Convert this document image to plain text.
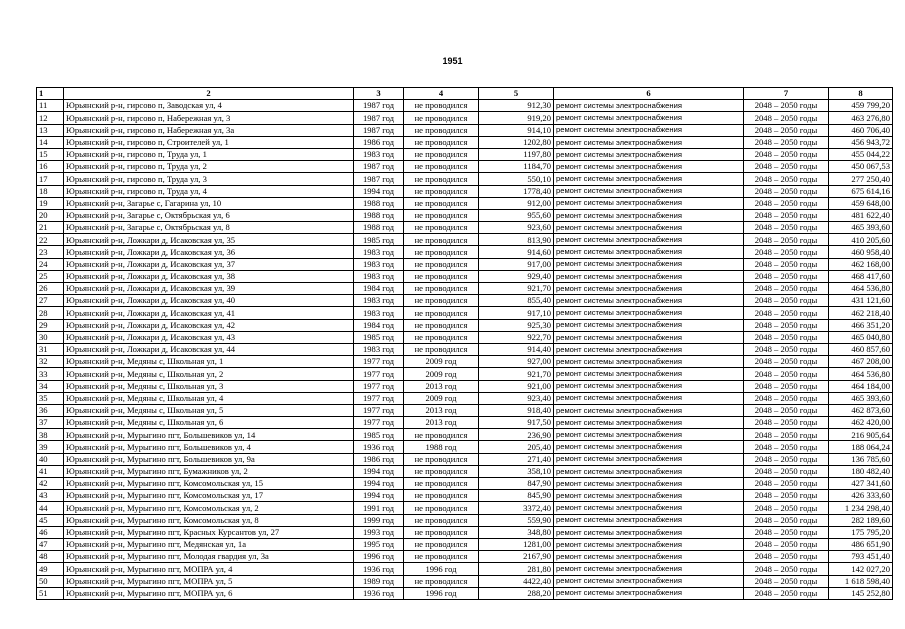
1951
1	2	3	4	5	6	7	8
11	Юрьянский р-н, гирсово п, Заводская ул, 4	1987 год	не проводился	912,30	ремонт системы электроснабжения	2048 – 2050 годы	459 799,20
12	Юрьянский р-н, гирсово п, Набережная ул, 3	1987 год	не проводился	919,20	ремонт системы электроснабжения	2048 – 2050 годы	463 276,80
13	Юрьянский р-н, гирсово п, Набережная ул, 3а	1987 год	не проводился	914,10	ремонт системы электроснабжения	2048 – 2050 годы	460 706,40
14	Юрьянский р-н, гирсово п, Строителей ул, 1	1986 год	не проводился	1202,80	ремонт системы электроснабжения	2048 – 2050 годы	456 943,72
15	Юрьянский р-н, гирсово п, Труда ул, 1	1983 год	не проводился	1197,80	ремонт системы электроснабжения	2048 – 2050 годы	455 044,22
16	Юрьянский р-н, гирсово п, Труда ул, 2	1987 год	не проводился	1184,70	ремонт системы электроснабжения	2048 – 2050 годы	450 067,53
17	Юрьянский р-н, гирсово п, Труда ул, 3	1987 год	не проводился	550,10	ремонт системы электроснабжения	2048 – 2050 годы	277 250,40
18	Юрьянский р-н, гирсово п, Труда ул, 4	1994 год	не проводился	1778,40	ремонт системы электроснабжения	2048 – 2050 годы	675 614,16
19	Юрьянский р-н, Загарье с, Гагарина ул, 10	1988 год	не проводился	912,00	ремонт системы электроснабжения	2048 – 2050 годы	459 648,00
20	Юрьянский р-н, Загарье с, Октябрьская ул, 6	1988 год	не проводился	955,60	ремонт системы электроснабжения	2048 – 2050 годы	481 622,40
21	Юрьянский р-н, Загарье с, Октябрьская ул, 8	1988 год	не проводился	923,60	ремонт системы электроснабжения	2048 – 2050 годы	465 393,60
22	Юрьянский р-н, Ложкари д, Исаковская ул, 35	1985 год	не проводился	813,90	ремонт системы электроснабжения	2048 – 2050 годы	410 205,60
23	Юрьянский р-н, Ложкари д, Исаковская ул, 36	1983 год	не проводился	914,60	ремонт системы электроснабжения	2048 – 2050 годы	460 958,40
24	Юрьянский р-н, Ложкари д, Исаковская ул, 37	1983 год	не проводился	917,00	ремонт системы электроснабжения	2048 – 2050 годы	462 168,00
25	Юрьянский р-н, Ложкари д, Исаковская ул, 38	1983 год	не проводился	929,40	ремонт системы электроснабжения	2048 – 2050 годы	468 417,60
26	Юрьянский р-н, Ложкари д, Исаковская ул, 39	1984 год	не проводился	921,70	ремонт системы электроснабжения	2048 – 2050 годы	464 536,80
27	Юрьянский р-н, Ложкари д, Исаковская ул, 40	1983 год	не проводился	855,40	ремонт системы электроснабжения	2048 – 2050 годы	431 121,60
28	Юрьянский р-н, Ложкари д, Исаковская ул, 41	1983 год	не проводился	917,10	ремонт системы электроснабжения	2048 – 2050 годы	462 218,40
29	Юрьянский р-н, Ложкари д, Исаковская ул, 42	1984 год	не проводился	925,30	ремонт системы электроснабжения	2048 – 2050 годы	466 351,20
30	Юрьянский р-н, Ложкари д, Исаковская ул, 43	1985 год	не проводился	922,70	ремонт системы электроснабжения	2048 – 2050 годы	465 040,80
31	Юрьянский р-н, Ложкари д, Исаковская ул, 44	1983 год	не проводился	914,40	ремонт системы электроснабжения	2048 – 2050 годы	460 857,60
32	Юрьянский р-н, Медяны с, Школьная ул, 1	1977 год	2009 год	927,00	ремонт системы электроснабжения	2048 – 2050 годы	467 208,00
33	Юрьянский р-н, Медяны с, Школьная ул, 2	1977 год	2009 год	921,70	ремонт системы электроснабжения	2048 – 2050 годы	464 536,80
34	Юрьянский р-н, Медяны с, Школьная ул, 3	1977 год	2013 год	921,00	ремонт системы электроснабжения	2048 – 2050 годы	464 184,00
35	Юрьянский р-н, Медяны с, Школьная ул, 4	1977 год	2009 год	923,40	ремонт системы электроснабжения	2048 – 2050 годы	465 393,60
36	Юрьянский р-н, Медяны с, Школьная ул, 5	1977 год	2013 год	918,40	ремонт системы электроснабжения	2048 – 2050 годы	462 873,60
37	Юрьянский р-н, Медяны с, Школьная ул, 6	1977 год	2013 год	917,50	ремонт системы электроснабжения	2048 – 2050 годы	462 420,00
38	Юрьянский р-н, Мурыгино пгт, Большевиков ул, 14	1985 год	не проводился	236,90	ремонт системы электроснабжения	2048 – 2050 годы	216 905,64
39	Юрьянский р-н, Мурыгино пгт, Большевиков ул, 4	1936 год	1988 год	205,40	ремонт системы электроснабжения	2048 – 2050 годы	188 064,24
40	Юрьянский р-н, Мурыгино пгт, Большевиков ул, 9а	1986 год	не проводился	271,40	ремонт системы электроснабжения	2048 – 2050 годы	136 785,60
41	Юрьянский р-н, Мурыгино пгт, Бумажников ул, 2	1994 год	не проводился	358,10	ремонт системы электроснабжения	2048 – 2050 годы	180 482,40
42	Юрьянский р-н, Мурыгино пгт, Комсомольская ул, 15	1994 год	не проводился	847,90	ремонт системы электроснабжения	2048 – 2050 годы	427 341,60
43	Юрьянский р-н, Мурыгино пгт, Комсомольская ул, 17	1994 год	не проводился	845,90	ремонт системы электроснабжения	2048 – 2050 годы	426 333,60
44	Юрьянский р-н, Мурыгино пгт, Комсомольская ул, 2	1991 год	не проводился	3372,40	ремонт системы электроснабжения	2048 – 2050 годы	1 234 298,40
45	Юрьянский р-н, Мурыгино пгт, Комсомольская ул, 8	1999 год	не проводился	559,90	ремонт системы электроснабжения	2048 – 2050 годы	282 189,60
46	Юрьянский р-н, Мурыгино пгт, Красных Курсантов ул, 27	1993 год	не проводился	348,80	ремонт системы электроснабжения	2048 – 2050 годы	175 795,20
47	Юрьянский р-н, Мурыгино пгт, Медянская ул, 1а	1995 год	не проводился	1281,00	ремонт системы электроснабжения	2048 – 2050 годы	486 651,90
48	Юрьянский р-н, Мурыгино пгт, Молодая гвардия ул, 3а	1996 год	не проводился	2167,90	ремонт системы электроснабжения	2048 – 2050 годы	793 451,40
49	Юрьянский р-н, Мурыгино пгт, МОПРА ул, 4	1936 год	1996 год	281,80	ремонт системы электроснабжения	2048 – 2050 годы	142 027,20
50	Юрьянский р-н, Мурыгино пгт, МОПРА ул, 5	1989 год	не проводился	4422,40	ремонт системы электроснабжения	2048 – 2050 годы	1 618 598,40
51	Юрьянский р-н, Мурыгино пгт, МОПРА ул, 6	1936 год	1996 год	288,20	ремонт системы электроснабжения	2048 – 2050 годы	145 252,80
